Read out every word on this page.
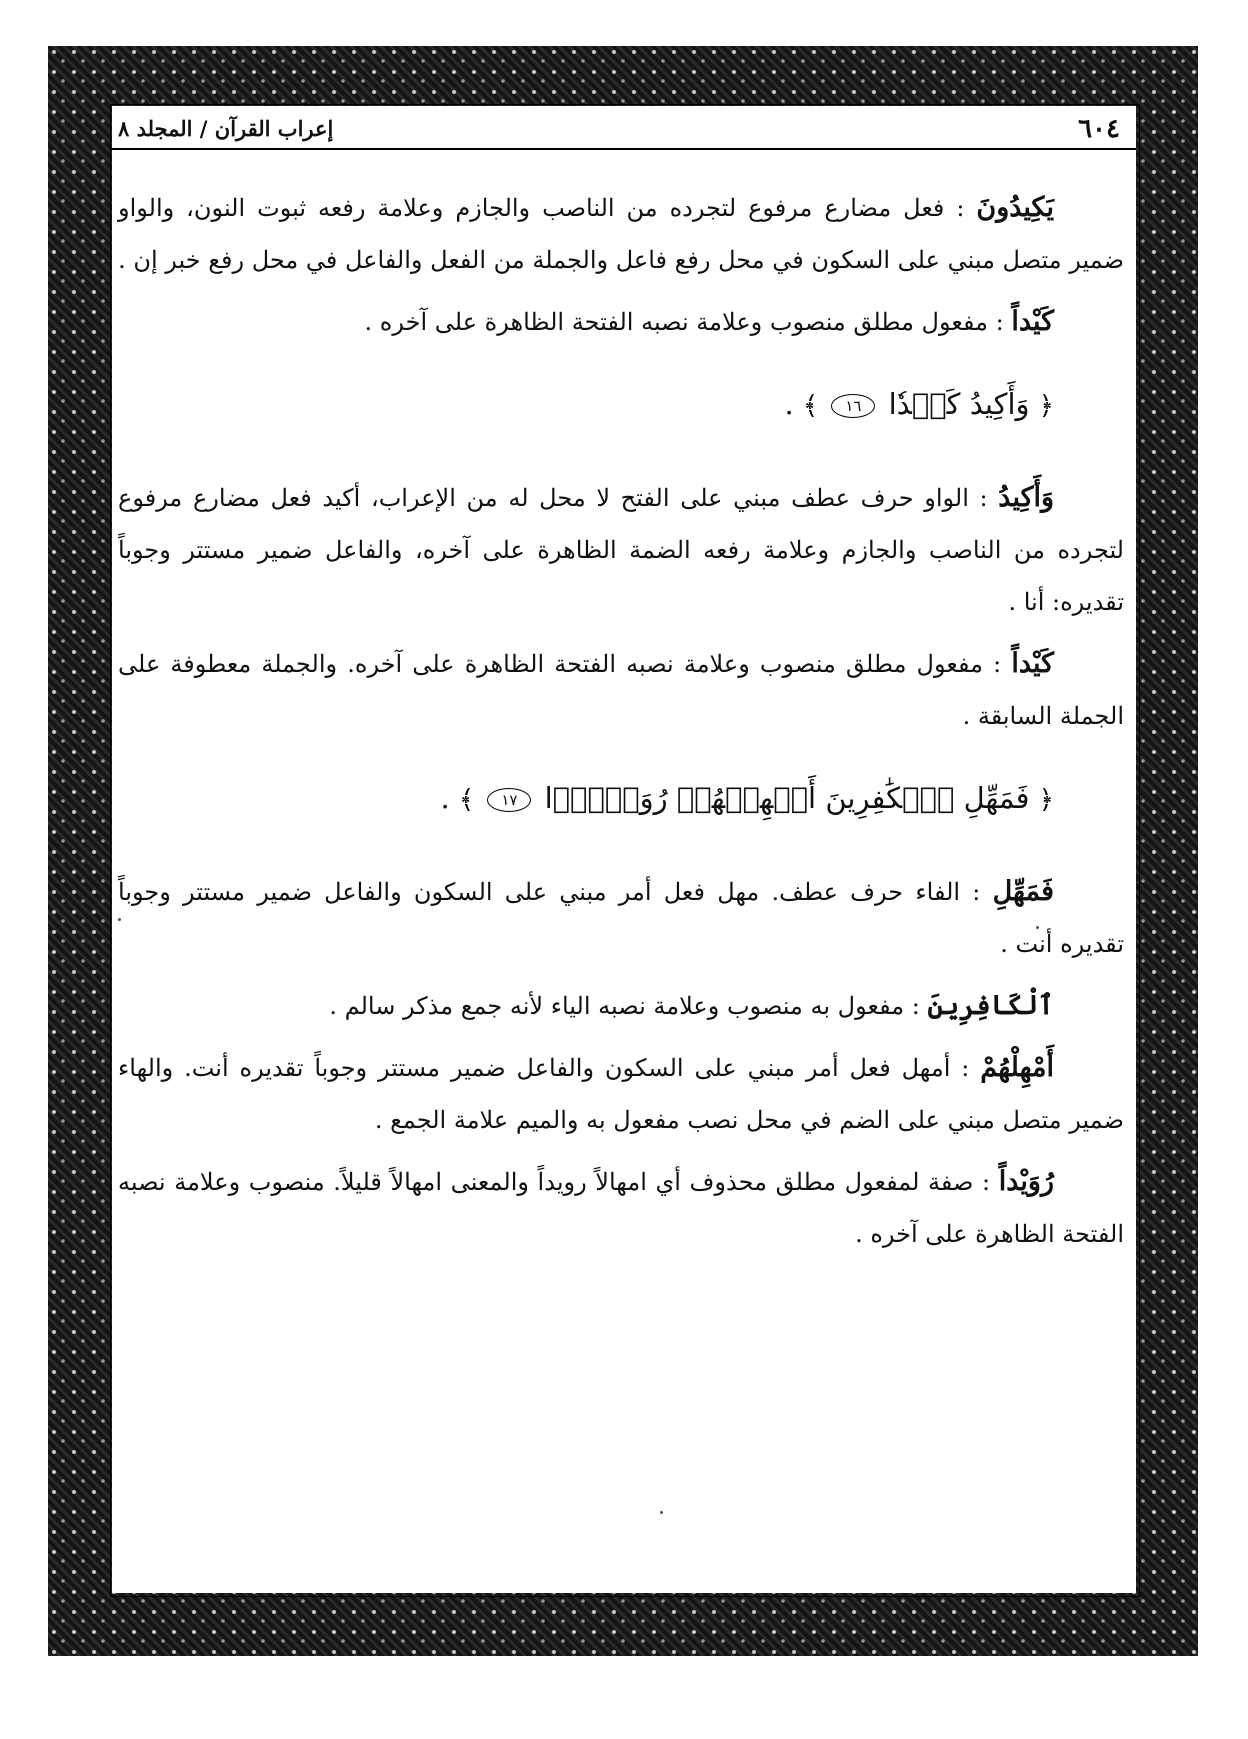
٦٠٤
إعراب القرآن / المجلد ٨

يَكِيدُونَ : فعل مضارع مرفوع لتجرده من الناصب والجازم وعلامة رفعه ثبوت النون، والواو ضمير متصل مبني على السكون في محل رفع فاعل والجملة من الفعل والفاعل في محل رفع خبر إن .

كَيْداً : مفعول مطلق منصوب وعلامة نصبه الفتحة الظاهرة على آخره .

﴿ وَأَكِيدُ كَيۡدٗا ١٦ ﴾ .

وَأَكِيدُ : الواو حرف عطف مبني على الفتح لا محل له من الإعراب، أكيد فعل مضارع مرفوع لتجرده من الناصب والجازم وعلامة رفعه الضمة الظاهرة على آخره، والفاعل ضمير مستتر وجوباً تقديره: أنا .

كَيْداً : مفعول مطلق منصوب وعلامة نصبه الفتحة الظاهرة على آخره. والجملة معطوفة على الجملة السابقة .

﴿ فَمَهِّلِ ٱلۡكَٰفِرِينَ أَمۡهِلۡهُمۡ رُوَيۡدَۢا ١٧ ﴾ .

فَمَهِّلِ : الفاء حرف عطف. مهل فعل أمر مبني على السكون والفاعل ضمير مستتر وجوباً تقديره أنت .

ٱلْكَافِرِينَ : مفعول به منصوب وعلامة نصبه الياء لأنه جمع مذكر سالم .

أَمْهِلْهُمْ : أمهل فعل أمر مبني على السكون والفاعل ضمير مستتر وجوباً تقديره أنت. والهاء ضمير متصل مبني على الضم في محل نصب مفعول به والميم علامة الجمع .

رُوَيْداً : صفة لمفعول مطلق محذوف أي امهالاً رويداً والمعنى امهالاً قليلاً. منصوب وعلامة نصبه الفتحة الظاهرة على آخره .
